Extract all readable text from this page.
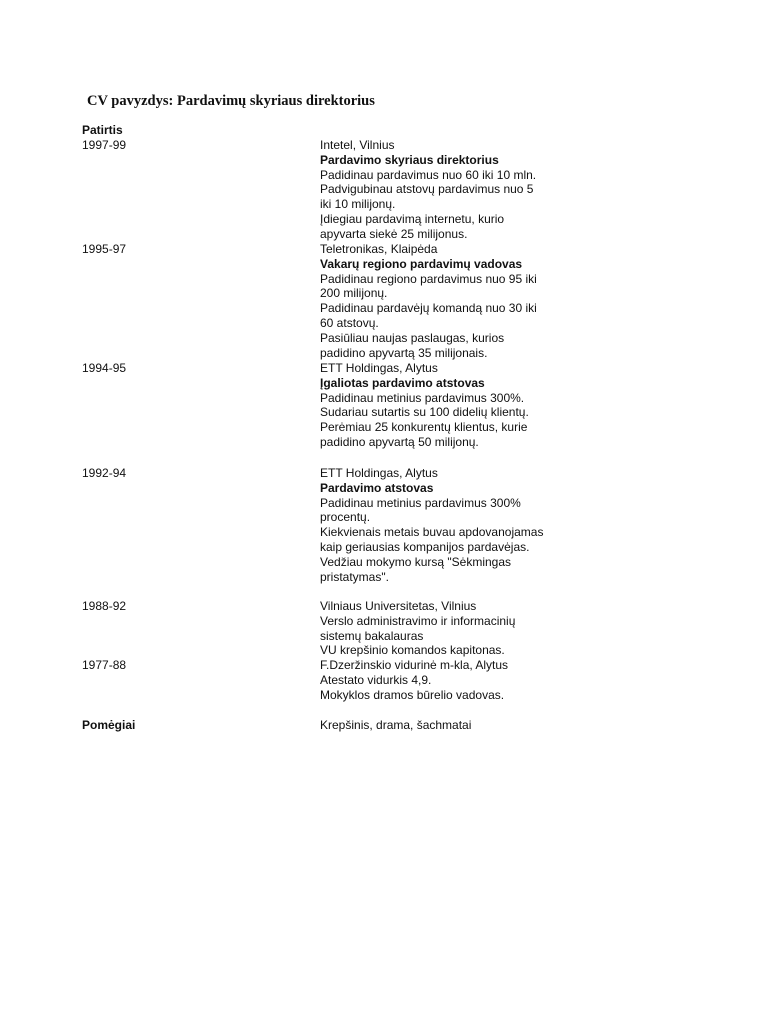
CV pavyzdys: Pardavimų skyriaus direktorius
Patirtis
1997-99	Intetel, Vilnius
Pardavimo skyriaus direktorius
Padidinau pardavimus nuo 60 iki 10 mln.
Padvigubinau atstovų pardavimus nuo 5
iki 10 milijonų.
Įdiegiau pardavimą internetu, kurio
apyvarta siekė 25 milijonus.
1995-97	Teletronikas, Klaipėda
Vakarų regiono pardavimų vadovas
Padidinau regiono pardavimus nuo 95 iki
200 milijonų.
Padidinau pardavėjų komandą nuo 30 iki
60 atstovų.
Pasiūliau naujas paslaugas, kurios
padidino apyvartą 35 milijonais.
1994-95	ETT Holdingas, Alytus
Įgaliotas pardavimo atstovas
Padidinau metinius pardavimus 300%.
Sudariau sutartis su 100 didelių klientų.
Perėmiau 25 konkurentų klientus, kurie
padidino apyvartą 50 milijonų.
1992-94	ETT Holdingas, Alytus
Pardavimo atstovas
Padidinau metinius pardavimus 300%
procentų.
Kiekvienais metais buvau apdovanojamas
kaip geriausias kompanijos pardavėjas.
Vedžiau mokymo kursą "Sėkmingas
pristatymas".
1988-92	Vilniaus Universitetas, Vilnius
Verslo administravimo ir informacinių
sistemų bakalauras
VU krepšinio komandos kapitonas.
1977-88	F.Dzeržinskio vidurinė m-kla, Alytus
Atestato vidurkis 4,9.
Mokyklos dramos būrelio vadovas.
Pomėgiai	Krepšinis, drama, šachmatai
